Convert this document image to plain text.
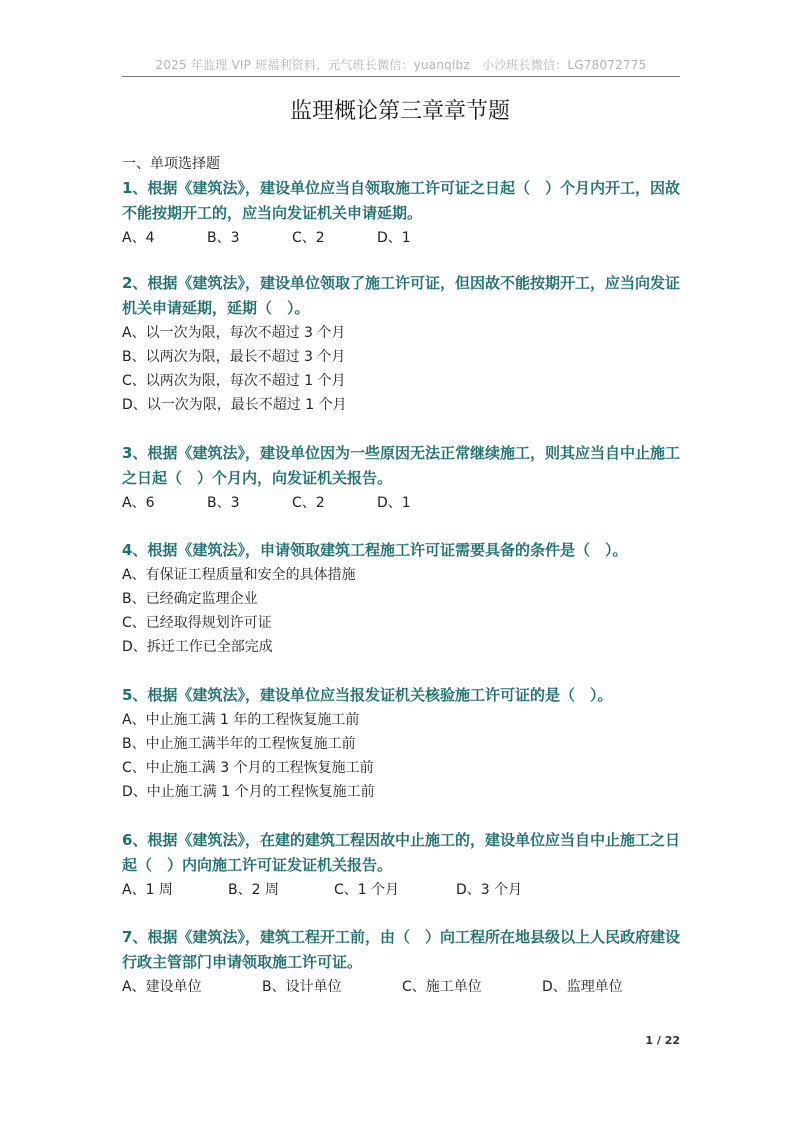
2025 年监理 VIP 班福利资料，元气班长微信：yuanqibz　小沙班长微信：LG78072775
监理概论第三章章节题
一、单项选择题

1、根据《建筑法》，建设单位应当自领取施工许可证之日起（　）个月内开工，因故不能按期开工的，应当向发证机关申请延期。

A、4	B、3	C、2	D、1

2、根据《建筑法》，建设单位领取了施工许可证，但因故不能按期开工，应当向发证机关申请延期，延期（　）。

A、以一次为限，每次不超过 3 个月

B、以两次为限，最长不超过 3 个月

C、以两次为限，每次不超过 1 个月

D、以一次为限，最长不超过 1 个月

3、根据《建筑法》，建设单位因为一些原因无法正常继续施工，则其应当自中止施工之日起（　）个月内，向发证机关报告。

A、6	B、3	C、2	D、1

4、根据《建筑法》，申请领取建筑工程施工许可证需要具备的条件是（　）。

A、有保证工程质量和安全的具体措施

B、已经确定监理企业

C、已经取得规划许可证

D、拆迁工作已全部完成

5、根据《建筑法》，建设单位应当报发证机关核验施工许可证的是（　）。

A、中止施工满 1 年的工程恢复施工前

B、中止施工满半年的工程恢复施工前

C、中止施工满 3 个月的工程恢复施工前

D、中止施工满 1 个月的工程恢复施工前

6、根据《建筑法》，在建的建筑工程因故中止施工的，建设单位应当自中止施工之日起（　）内向施工许可证发证机关报告。

A、1 周	B、2 周	C、1 个月	D、3 个月

7、根据《建筑法》，建筑工程开工前，由（　）向工程所在地县级以上人民政府建设行政主管部门申请领取施工许可证。

A、建设单位	B、设计单位	C、施工单位	D、监理单位
1 / 22
